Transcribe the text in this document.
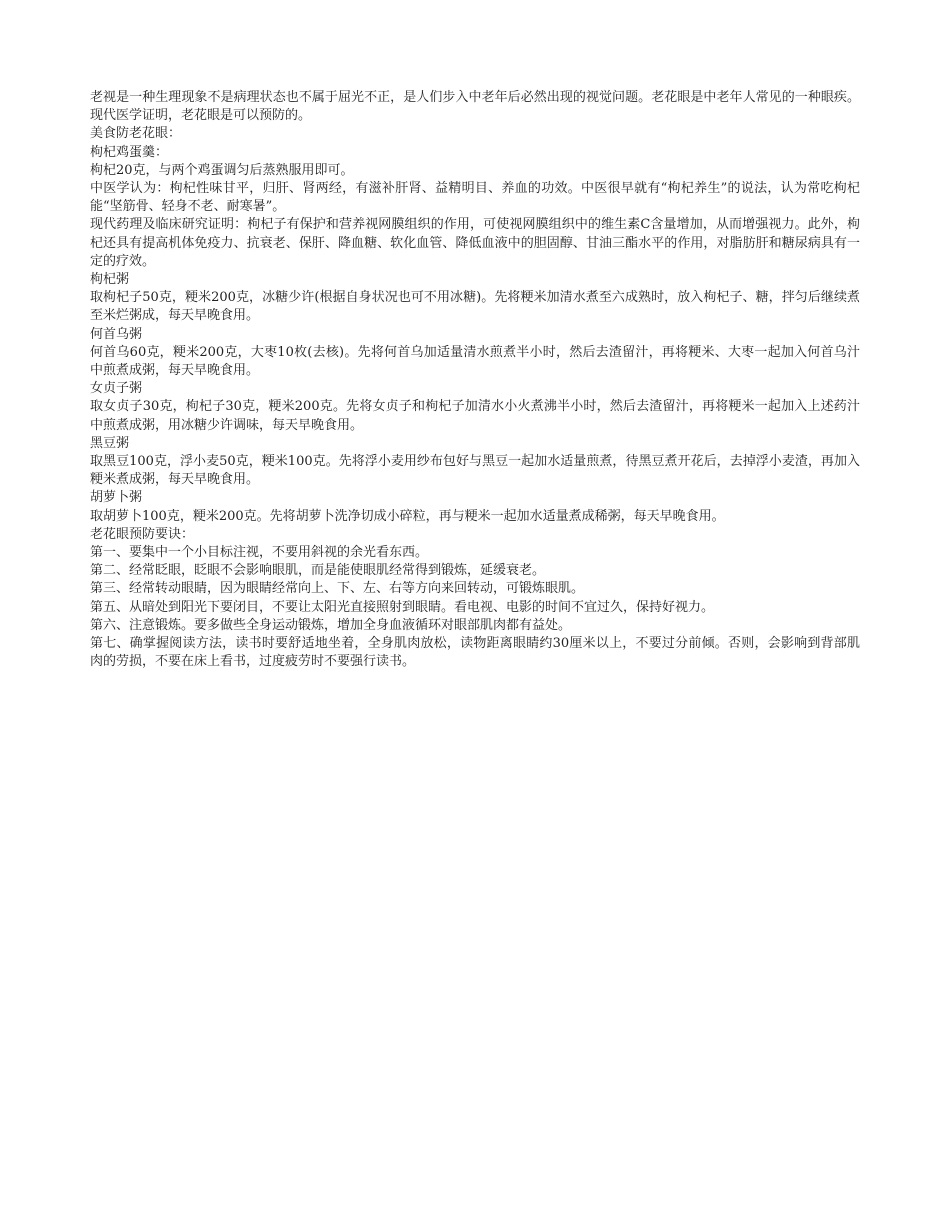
老视是一种生理现象不是病理状态也不属于屈光不正，是人们步入中老年后必然出现的视觉问题。老花眼是中老年人常见的一种眼疾。现代医学证明，老花眼是可以预防的。

美食防老花眼：

枸杞鸡蛋羹：

枸杞20克，与两个鸡蛋调匀后蒸熟服用即可。

中医学认为：枸杞性味甘平，归肝、肾两经，有滋补肝肾、益精明目、养血的功效。中医很早就有“枸杞养生”的说法，认为常吃枸杞能“坚筋骨、轻身不老、耐寒暑”。

现代药理及临床研究证明：枸杞子有保护和营养视网膜组织的作用，可使视网膜组织中的维生素C含量增加，从而增强视力。此外，枸杞还具有提高机体免疫力、抗衰老、保肝、降血糖、软化血管、降低血液中的胆固醇、甘油三酯水平的作用，对脂肪肝和糖尿病具有一定的疗效。

枸杞粥

取枸杞子50克，粳米200克，冰糖少许(根据自身状况也可不用冰糖)。先将粳米加清水煮至六成熟时，放入枸杞子、糖，拌匀后继续煮至米烂粥成，每天早晚食用。

何首乌粥

何首乌60克，粳米200克，大枣10枚(去核)。先将何首乌加适量清水煎煮半小时，然后去渣留汁，再将粳米、大枣一起加入何首乌汁中煎煮成粥，每天早晚食用。

女贞子粥

取女贞子30克，枸杞子30克，粳米200克。先将女贞子和枸杞子加清水小火煮沸半小时，然后去渣留汁，再将粳米一起加入上述药汁中煎煮成粥，用冰糖少许调味，每天早晚食用。

黑豆粥

取黑豆100克，浮小麦50克，粳米100克。先将浮小麦用纱布包好与黑豆一起加水适量煎煮，待黑豆煮开花后，去掉浮小麦渣，再加入粳米煮成粥，每天早晚食用。

胡萝卜粥

取胡萝卜100克，粳米200克。先将胡萝卜洗净切成小碎粒，再与粳米一起加水适量煮成稀粥，每天早晚食用。

老花眼预防要诀：

第一、要集中一个小目标注视，不要用斜视的余光看东西。

第二、经常眨眼，眨眼不会影响眼肌，而是能使眼肌经常得到锻炼，延缓衰老。

第三、经常转动眼睛，因为眼睛经常向上、下、左、右等方向来回转动，可锻炼眼肌。

第五、从暗处到阳光下要闭目，不要让太阳光直接照射到眼睛。看电视、电影的时间不宜过久，保持好视力。

第六、注意锻炼。要多做些全身运动锻炼，增加全身血液循环对眼部肌肉都有益处。

第七、确掌握阅读方法，读书时要舒适地坐着，全身肌肉放松，读物距离眼睛约30厘米以上，不要过分前倾。否则，会影响到背部肌肉的劳损，不要在床上看书，过度疲劳时不要强行读书。
